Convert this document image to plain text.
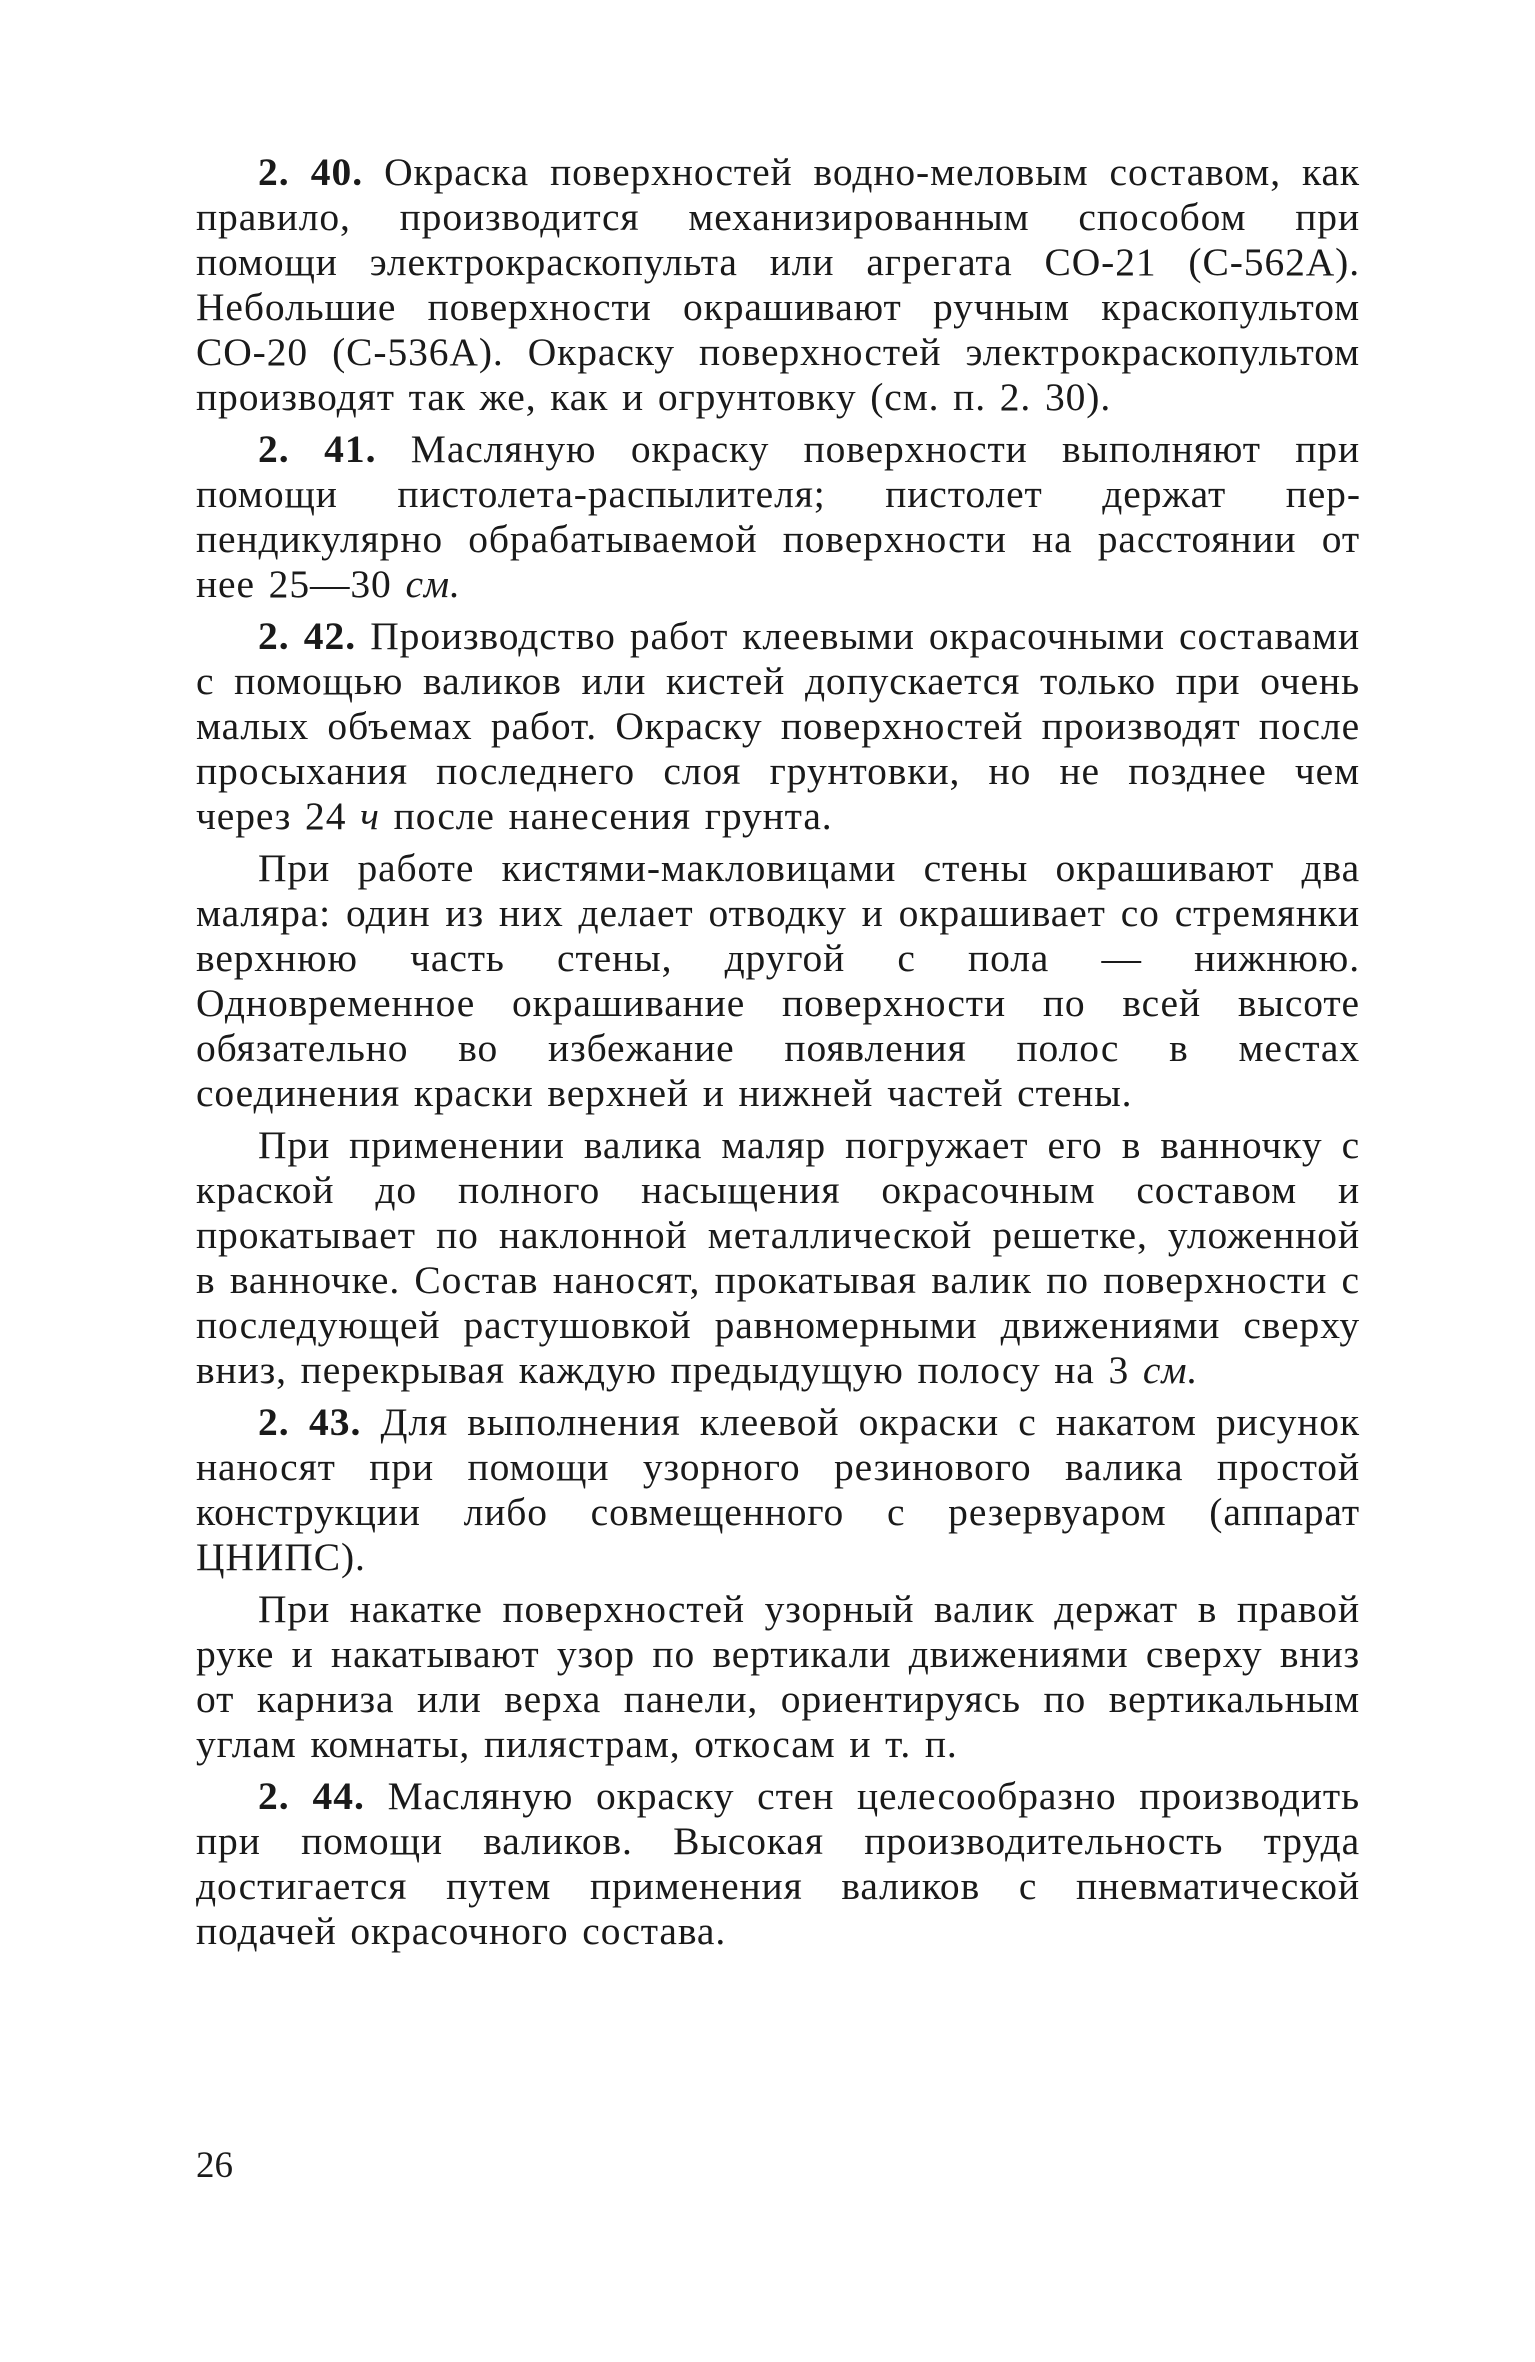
2. 40. Окраска поверхностей водно-меловым составом, как правило, производится механизированным способом при помощи электрокраскопульта или агрегата СО-21 (С-562А). Небольшие поверхности окрашивают ручным краскопультом СО-20 (С-536А). Окраску поверхностей электрокраскопультом производят так же, как и огрунтовку (см. п. 2. 30).

2. 41. Масляную окраску поверхности выполняют при помощи пистолета-распылителя; пистолет держат перпендикулярно обрабатываемой поверхности на расстоянии от нее 25—30 см.

2. 42. Производство работ клеевыми окрасочными составами с помощью валиков или кистей допускается только при очень малых объемах работ. Окраску поверхностей производят после просыхания последнего слоя грунтовки, но не позднее чем через 24 ч после нанесения грунта.

При работе кистями-макловицами стены окрашивают два маляра: один из них делает отводку и окрашивает со стремянки верхнюю часть стены, другой с пола — нижнюю. Одновременное окрашивание поверхности по всей высоте обязательно во избежание появления полос в местах соединения краски верхней и нижней частей стены.

При применении валика маляр погружает его в ванночку с краской до полного насыщения окрасочным составом и прокатывает по наклонной металлической решетке, уложенной в ванночке. Состав наносят, прокатывая валик по поверхности с последующей растушовкой равномерными движениями сверху вниз, перекрывая каждую предыдущую полосу на 3 см.

2. 43. Для выполнения клеевой окраски с накатом рисунок наносят при помощи узорного резинового валика простой конструкции либо совмещенного с резервуаром (аппарат ЦНИПС).

При накатке поверхностей узорный валик держат в правой руке и накатывают узор по вертикали движениями сверху вниз от карниза или верха панели, ориентируясь по вертикальным углам комнаты, пилястрам, откосам и т. п.

2. 44. Масляную окраску стен целесообразно производить при помощи валиков. Высокая производительность труда достигается путем применения валиков с пневматической подачей окрасочного состава.

26
